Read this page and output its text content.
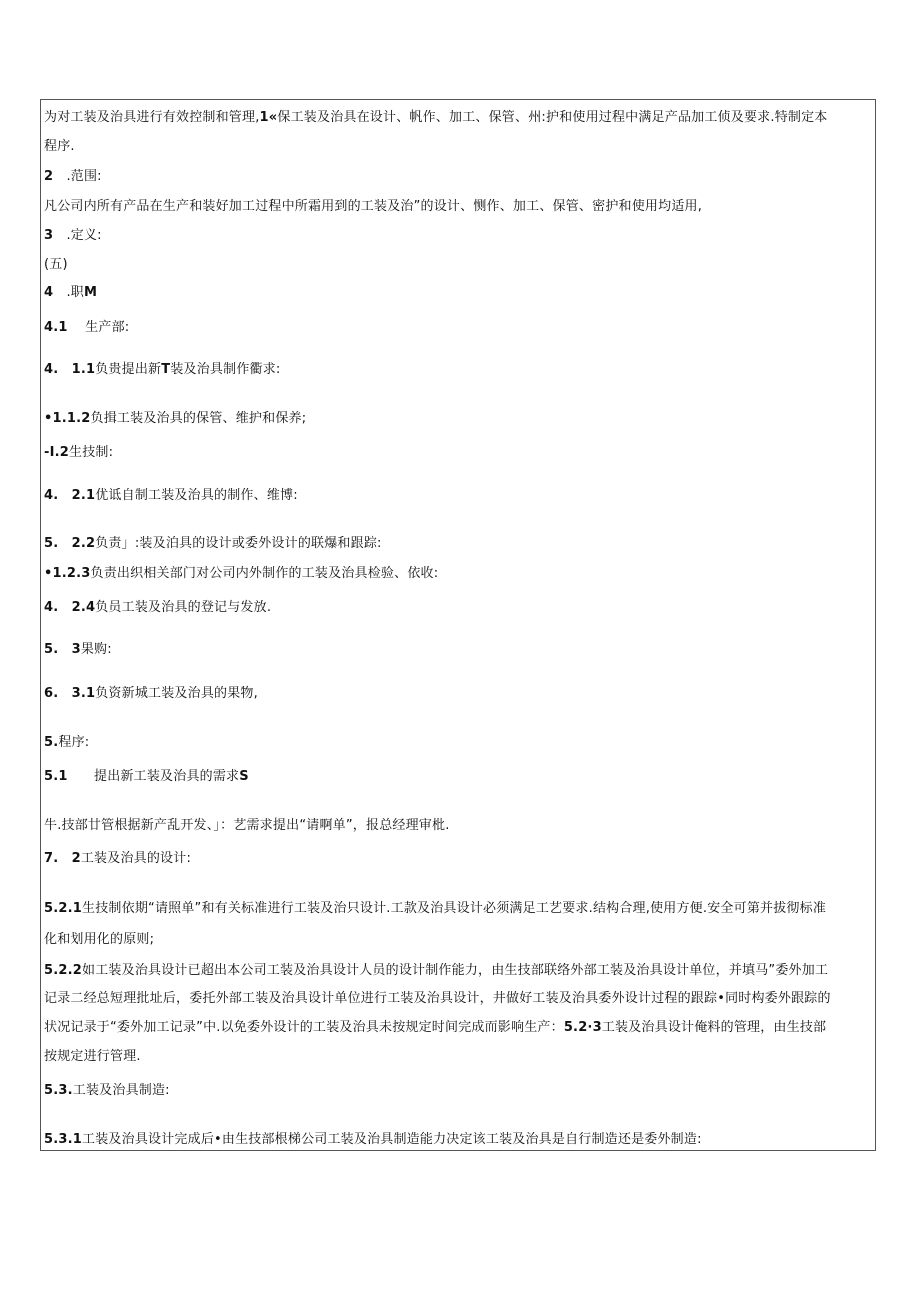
为对工装及治具进行有效控制和管理,1«保工装及治具在设计、帆作、加工、保管、州:护和使用过程中满足产品加工侦及要求.特制定本
程序.
2　.范围:
凡公司内所有产品在生产和装好加工过程中所霜用到的工装及治”的设计、恻作、加工、保管、密护和使用均适用,
3　.定义:
(五)
4　.职M
4.1　 生产部:
4.　 1.1负贵提出新T装及治具制作衢求:
•1.1.2负揖工装及治具的保管、维护和保养;
-I.2生技制:
4.　 2.1优诋自制工装及治具的制作、维博:
5.　 2.2负责」:装及泊具的设计或委外设计的联爆和跟踪:
•1.2.3负责出织相关部门对公司内外制作的工装及治具检验、依收:
4.　 2.4负员工装及治具的登记与发放.
5.　 3果购:
6.　 3.1负资新城工装及治具的果物,
5.程序:
5.1　　提出新工装及治具的需求S
牛.技部廿管根据新产乱开发、」：艺需求提出“请啊单”，报总经理审枇.
7.　 2工装及治具的设计:
5.2.1生技制依期“请照单”和有关标准进行工装及治只设计.工款及治具设计必须满足工艺要求.结构合理,使用方便.安全可第并拔彻标准
化和划用化的原则;
5.2.2如工装及治具设计已超出本公司工装及治具设计人员的设计制作能力，由生技部联络外部工装及治具设计单位，并填马”委外加工
记录二经总短理批址后，委托外部工装及治具设计单位进行工装及治具设计，井做好工装及治具委外设计过程的跟踪•同时构委外跟踪的
状况记录于“委外加工记录”中.以免委外设计的工装及治具未按规定时间完成而影响生产：5.2∙3工装及治具设计俺料的管理，由生技部
按规定进行管理.
5.3.工装及治具制造:
5.3.1工装及治具设计完成后•由生技部根梯公司工装及治具制造能力决定该工装及治具是自行制造还是委外制造:
